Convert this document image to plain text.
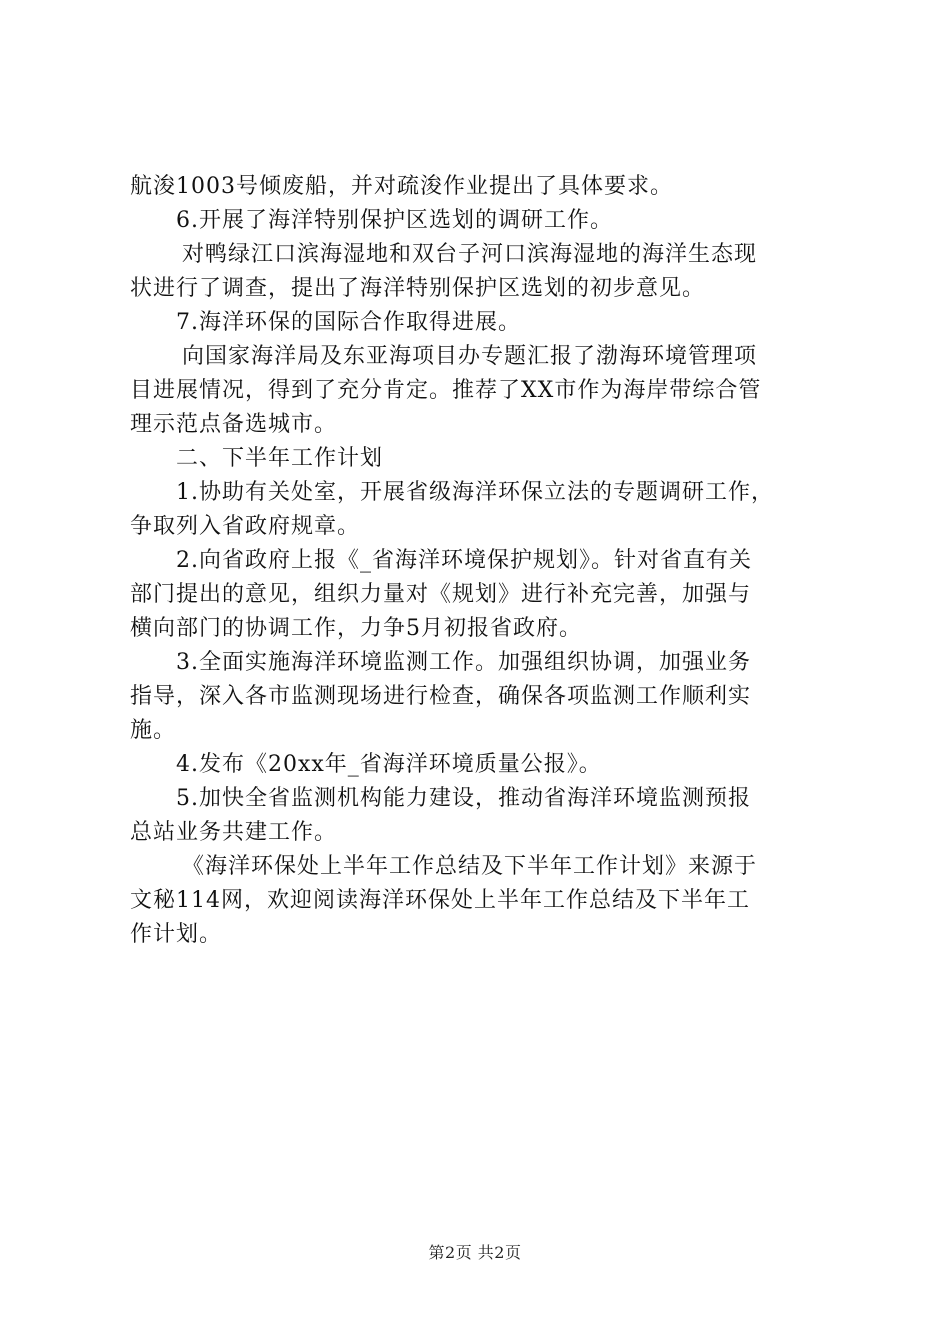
航浚1003号倾废船，并对疏浚作业提出了具体要求。
6.开展了海洋特别保护区选划的调研工作。
对鸭绿江口滨海湿地和双台子河口滨海湿地的海洋生态现
状进行了调查，提出了海洋特别保护区选划的初步意见。
7.海洋环保的国际合作取得进展。
向国家海洋局及东亚海项目办专题汇报了渤海环境管理项
目进展情况，得到了充分肯定。推荐了XX市作为海岸带综合管
理示范点备选城市。
二、下半年工作计划
1.协助有关处室，开展省级海洋环保立法的专题调研工作，
争取列入省政府规章。
2.向省政府上报《_省海洋环境保护规划》。针对省直有关
部门提出的意见，组织力量对《规划》进行补充完善，加强与
横向部门的协调工作，力争5月初报省政府。
3.全面实施海洋环境监测工作。加强组织协调，加强业务
指导，深入各市监测现场进行检查，确保各项监测工作顺利实
施。
4.发布《20xx年_省海洋环境质量公报》。
5.加快全省监测机构能力建设，推动省海洋环境监测预报
总站业务共建工作。
《海洋环保处上半年工作总结及下半年工作计划》来源于
文秘114网，欢迎阅读海洋环保处上半年工作总结及下半年工
作计划。
第2页 共2页
